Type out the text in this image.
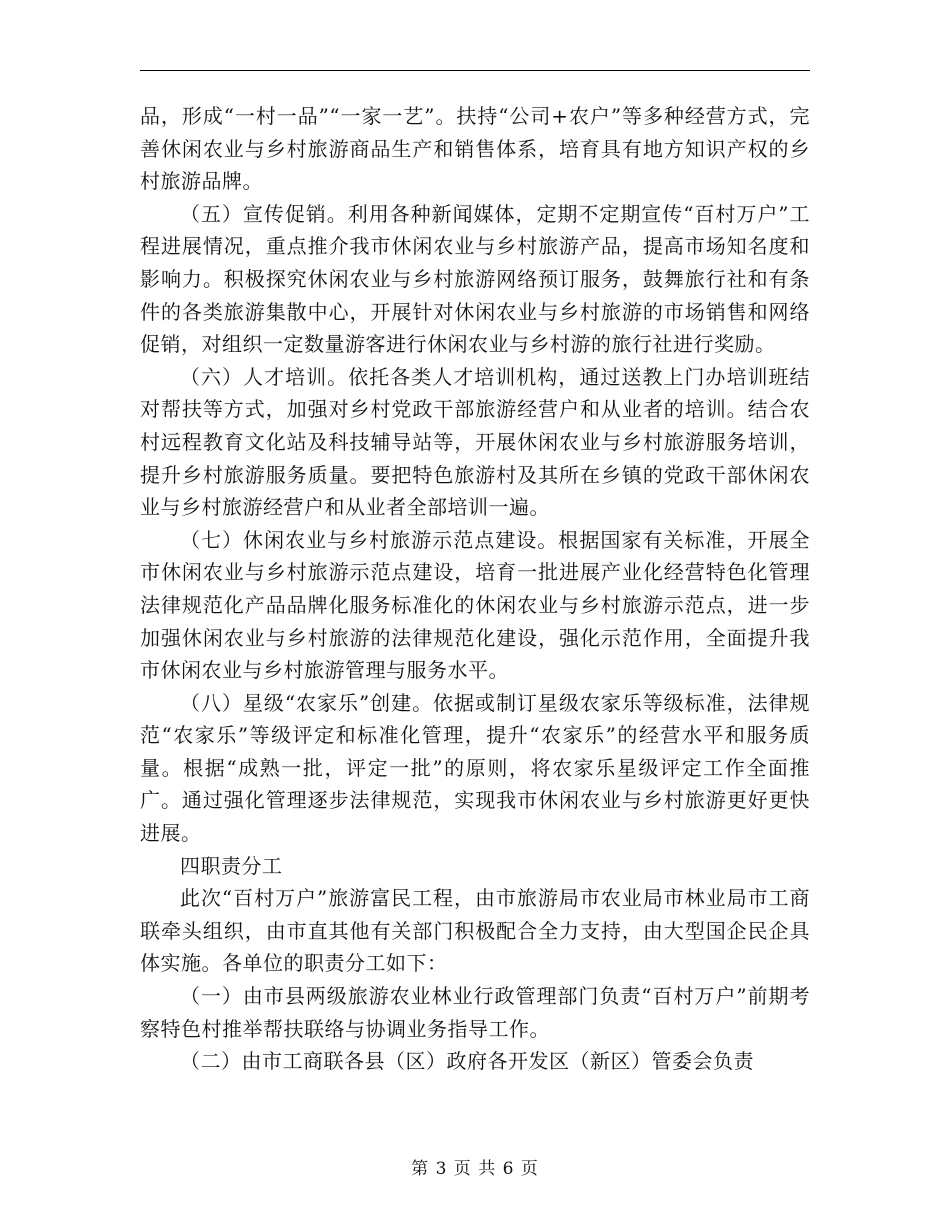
品，形成“一村一品”“一家一艺”。扶持“公司+农户”等多种经营方式，完善休闲农业与乡村旅游商品生产和销售体系，培育具有地方知识产权的乡村旅游品牌。

（五）宣传促销。利用各种新闻媒体，定期不定期宣传“百村万户”工程进展情况，重点推介我市休闲农业与乡村旅游产品，提高市场知名度和影响力。积极探究休闲农业与乡村旅游网络预订服务，鼓舞旅行社和有条件的各类旅游集散中心，开展针对休闲农业与乡村旅游的市场销售和网络促销，对组织一定数量游客进行休闲农业与乡村游的旅行社进行奖励。

（六）人才培训。依托各类人才培训机构，通过送教上门办培训班结对帮扶等方式，加强对乡村党政干部旅游经营户和从业者的培训。结合农村远程教育文化站及科技辅导站等，开展休闲农业与乡村旅游服务培训，提升乡村旅游服务质量。要把特色旅游村及其所在乡镇的党政干部休闲农业与乡村旅游经营户和从业者全部培训一遍。

（七）休闲农业与乡村旅游示范点建设。根据国家有关标准，开展全市休闲农业与乡村旅游示范点建设，培育一批进展产业化经营特色化管理法律规范化产品品牌化服务标准化的休闲农业与乡村旅游示范点，进一步加强休闲农业与乡村旅游的法律规范化建设，强化示范作用，全面提升我市休闲农业与乡村旅游管理与服务水平。

（八）星级“农家乐”创建。依据或制订星级农家乐等级标准，法律规范“农家乐”等级评定和标准化管理，提升“农家乐”的经营水平和服务质量。根据“成熟一批，评定一批”的原则，将农家乐星级评定工作全面推广。通过强化管理逐步法律规范，实现我市休闲农业与乡村旅游更好更快进展。

四职责分工

此次“百村万户”旅游富民工程，由市旅游局市农业局市林业局市工商联牵头组织，由市直其他有关部门积极配合全力支持，由大型国企民企具体实施。各单位的职责分工如下：

（一）由市县两级旅游农业林业行政管理部门负责“百村万户”前期考察特色村推举帮扶联络与协调业务指导工作。

（二）由市工商联各县（区）政府各开发区（新区）管委会负责

第 3 页 共 6 页
